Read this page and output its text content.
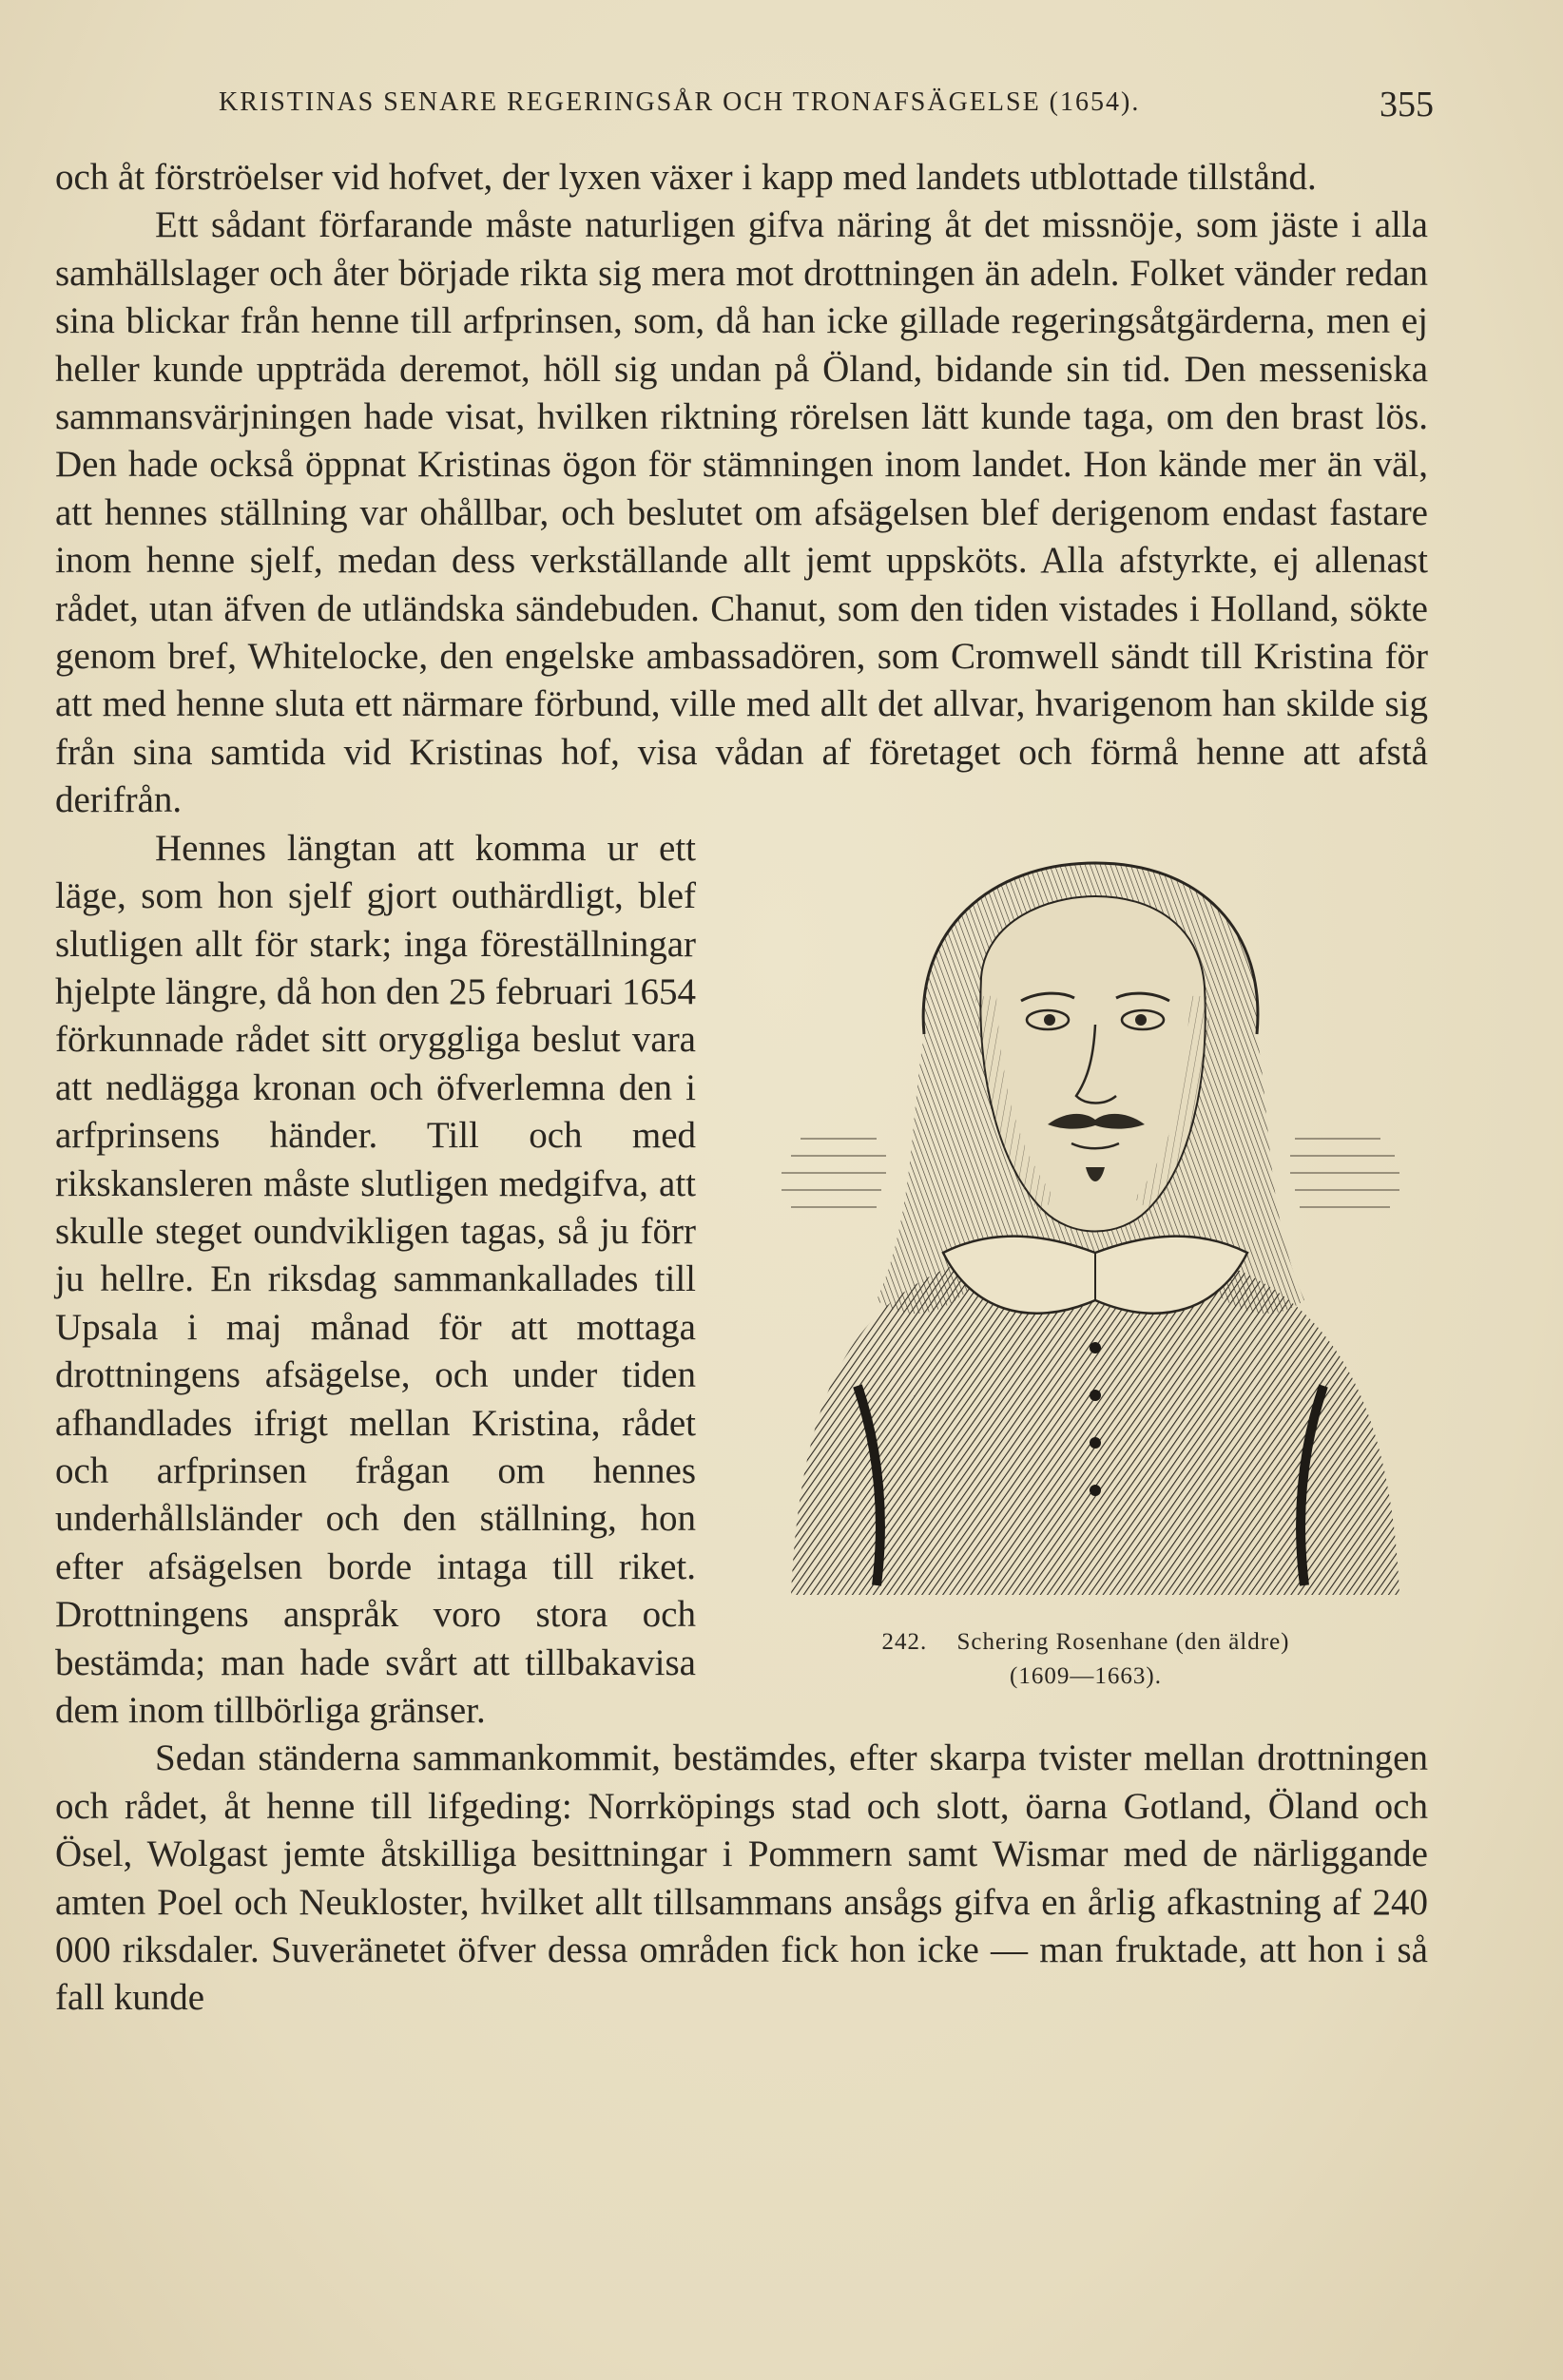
KRISTINAS SENARE REGERINGSÅR OCH TRONAFSÄGELSE (1654).	355

och åt förströelser vid hofvet, der lyxen växer i kapp med landets utblottade tillstånd.

Ett sådant förfarande måste naturligen gifva näring åt det missnöje, som jäste i alla samhällslager och åter började rikta sig mera mot drottningen än adeln. Folket vänder redan sina blickar från henne till arfprinsen, som, då han icke gillade regeringsåtgärderna, men ej heller kunde uppträda deremot, höll sig undan på Öland, bidande sin tid. Den messeniska sammansvärjningen hade visat, hvilken riktning rörelsen lätt kunde taga, om den brast lös. Den hade också öppnat Kristinas ögon för stämningen inom landet. Hon kände mer än väl, att hennes ställning var ohållbar, och beslutet om afsägelsen blef derigenom endast fastare inom henne sjelf, medan dess verkställande allt jemt uppsköts. Alla afstyrkte, ej allenast rådet, utan äfven de utländska sändebuden. Chanut, som den tiden vistades i Holland, sökte genom bref, Whitelocke, den engelske ambassadören, som Cromwell sändt till Kristina för att med henne sluta ett närmare förbund, ville med allt det allvar, hvarigenom han skilde sig från sina samtida vid Kristinas hof, visa vådan af företaget och förmå henne att afstå derifrån.

242. Schering Rosenhane (den äldre)
(1609—1663).

Hennes längtan att komma ur ett läge, som hon sjelf gjort outhärdligt, blef slutligen allt för stark; inga föreställningar hjelpte längre, då hon den 25 februari 1654 förkunnade rådet sitt oryggliga beslut vara att nedlägga kronan och öfverlemna den i arfprinsens händer. Till och med rikskansleren måste slutligen medgifva, att skulle steget oundvikligen tagas, så ju förr ju hellre. En riksdag sammankallades till Upsala i maj månad för att mottaga drottningens afsägelse, och under tiden afhandlades ifrigt mellan Kristina, rådet och arfprinsen frågan om hennes underhållsländer och den ställning, hon efter afsägelsen borde intaga till riket. Drottningens anspråk voro stora och bestämda; man hade svårt att tillbakavisa dem inom tillbörliga gränser.

Sedan ständerna sammankommit, bestämdes, efter skarpa tvister mellan drottningen och rådet, åt henne till lifgeding: Norrköpings stad och slott, öarna Gotland, Öland och Ösel, Wolgast jemte åtskilliga besittningar i Pommern samt Wismar med de närliggande amten Poel och Neukloster, hvilket allt tillsammans ansågs gifva en årlig afkastning af 240 000 riksdaler. Suveränetet öfver dessa områden fick hon icke — man fruktade, att hon i så fall kunde
